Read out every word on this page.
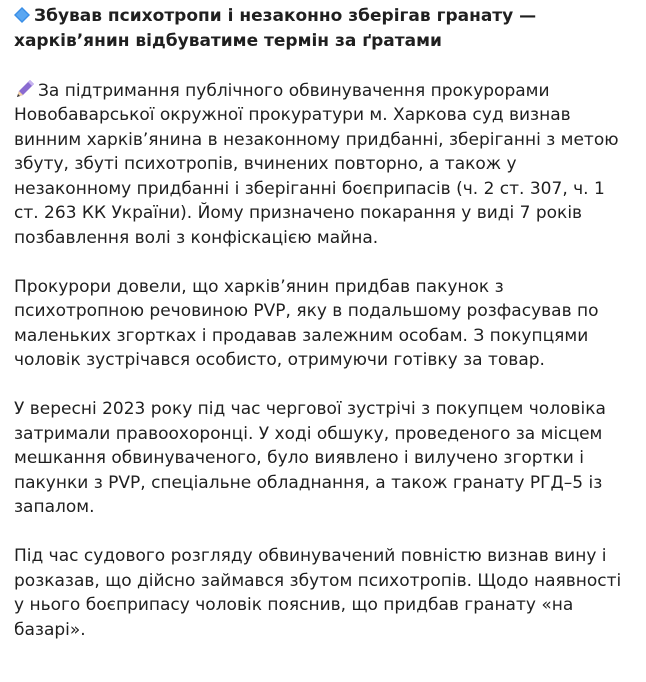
Збував психотропи і незаконно зберігав гранату —
харків’янин відбуватиме термін за ґратами

За підтримання публічного обвинувачення прокурорами Новобаварської окружної прокуратури м. Харкова суд визнав винним харків’янина в незаконному придбанні, зберіганні з метою збуту, збуті психотропів, вчинених повторно, а також у незаконному придбанні і зберіганні боєприпасів (ч. 2 ст. 307, ч. 1 ст. 263 КК України). Йому призначено покарання у виді 7 років позбавлення волі з конфіскацією майна.

Прокурори довели, що харків’янин придбав пакунок з психотропною речовиною PVP, яку в подальшому розфасував по маленьких згортках і продавав залежним особам. З покупцями чоловік зустрічався особисто, отримуючи готівку за товар.

У вересні 2023 року під час чергової зустрічі з покупцем чоловіка затримали правоохоронці. У ході обшуку, проведеного за місцем мешкання обвинуваченого, було виявлено і вилучено згортки і пакунки з PVP, спеціальне обладнання, а також гранату РГД–5 із запалом.

Під час судового розгляду обвинувачений повністю визнав вину і розказав, що дійсно займався збутом психотропів. Щодо наявності у нього боєприпасу чоловік пояснив, що придбав гранату «на базарі».
